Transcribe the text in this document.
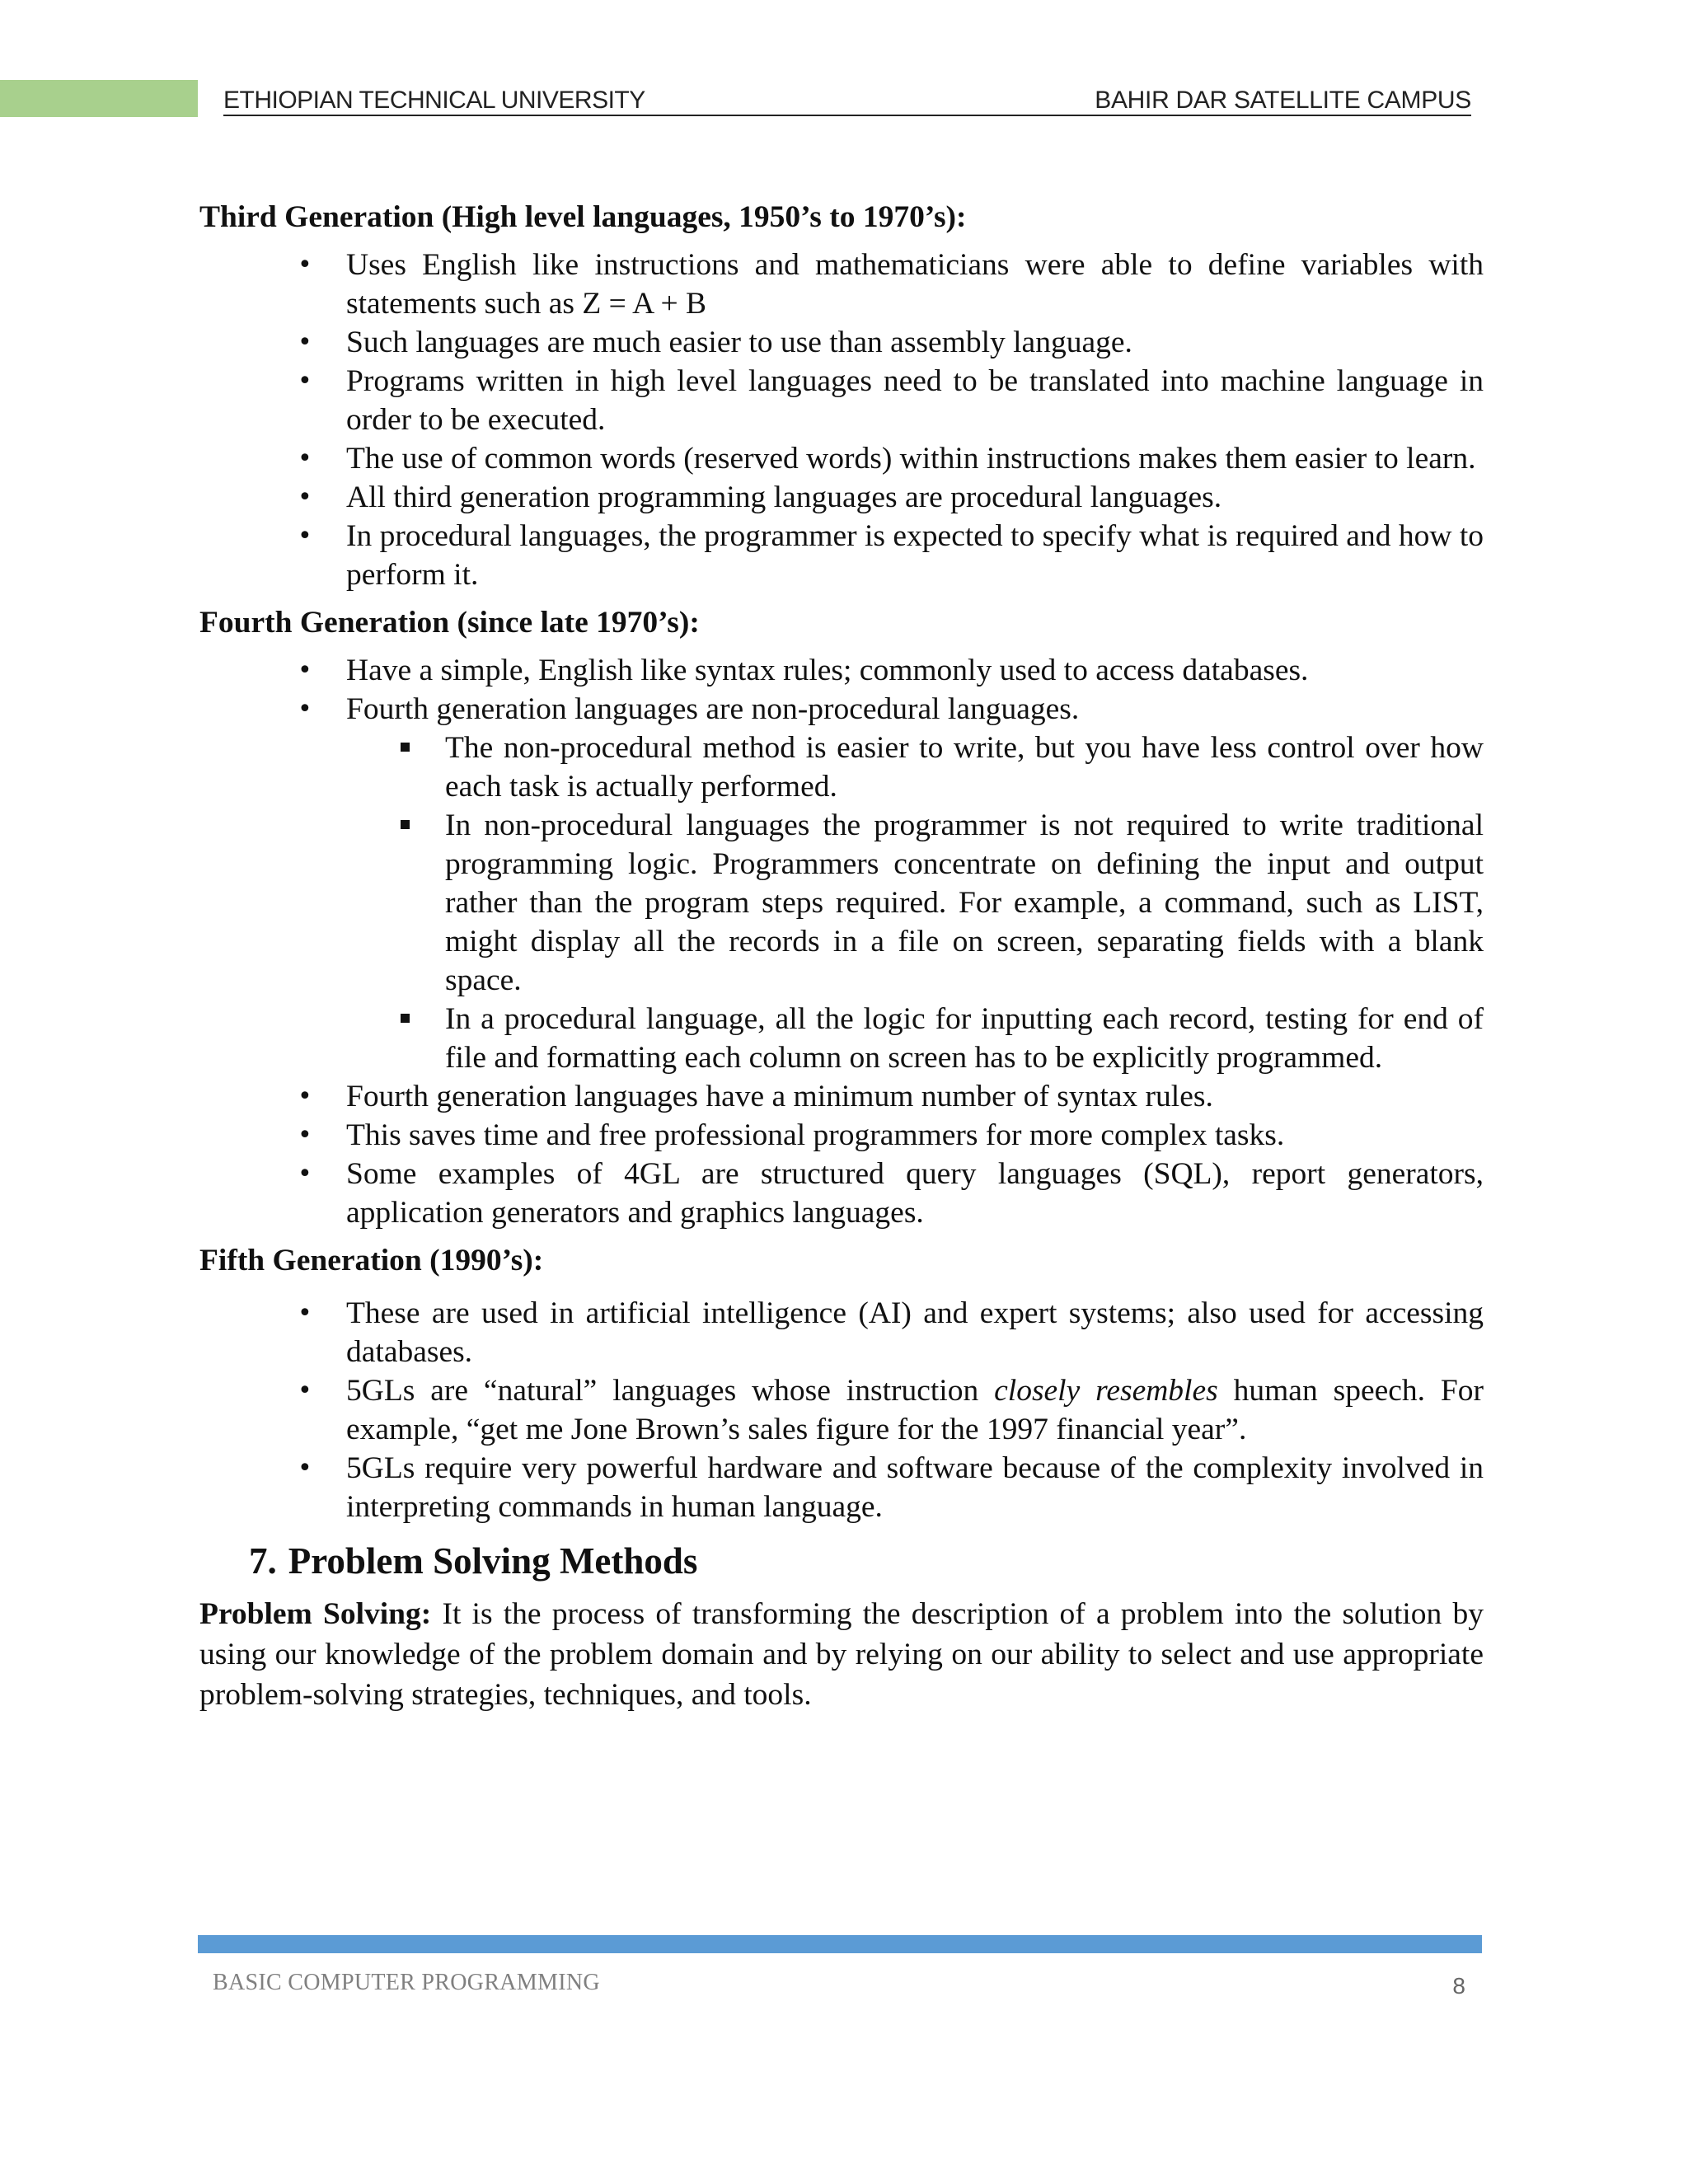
ETHIOPIAN TECHNICAL UNIVERSITY	BAHIR DAR SATELLITE CAMPUS
Third Generation (High level languages, 1950’s to 1970’s):
• Uses English like instructions and mathematicians were able to define variables with statements such as Z = A + B
• Such languages are much easier to use than assembly language.
• Programs written in high level languages need to be translated into machine language in order to be executed.
• The use of common words (reserved words) within instructions makes them easier to learn.
• All third generation programming languages are procedural languages.
• In procedural languages, the programmer is expected to specify what is required and how to perform it.
Fourth Generation (since late 1970’s):
• Have a simple, English like syntax rules; commonly used to access databases.
• Fourth generation languages are non-procedural languages.
The non-procedural method is easier to write, but you have less control over how each task is actually performed.
In non-procedural languages the programmer is not required to write traditional programming logic. Programmers concentrate on defining the input and output rather than the program steps required. For example, a command, such as LIST, might display all the records in a file on screen, separating fields with a blank space.
In a procedural language, all the logic for inputting each record, testing for end of file and formatting each column on screen has to be explicitly programmed.
• Fourth generation languages have a minimum number of syntax rules.
• This saves time and free professional programmers for more complex tasks.
• Some examples of 4GL are structured query languages (SQL), report generators, application generators and graphics languages.
Fifth Generation (1990’s):
• These are used in artificial intelligence (AI) and expert systems; also used for accessing databases.
• 5GLs are “natural” languages whose instruction closely resembles human speech. For example, “get me Jone Brown’s sales figure for the 1997 financial year”.
• 5GLs require very powerful hardware and software because of the complexity involved in interpreting commands in human language.
7. Problem Solving Methods

Problem Solving: It is the process of transforming the description of a problem into the solution by using our knowledge of the problem domain and by relying on our ability to select and use appropriate problem-solving strategies, techniques, and tools.

BASIC COMPUTER PROGRAMMING	8
